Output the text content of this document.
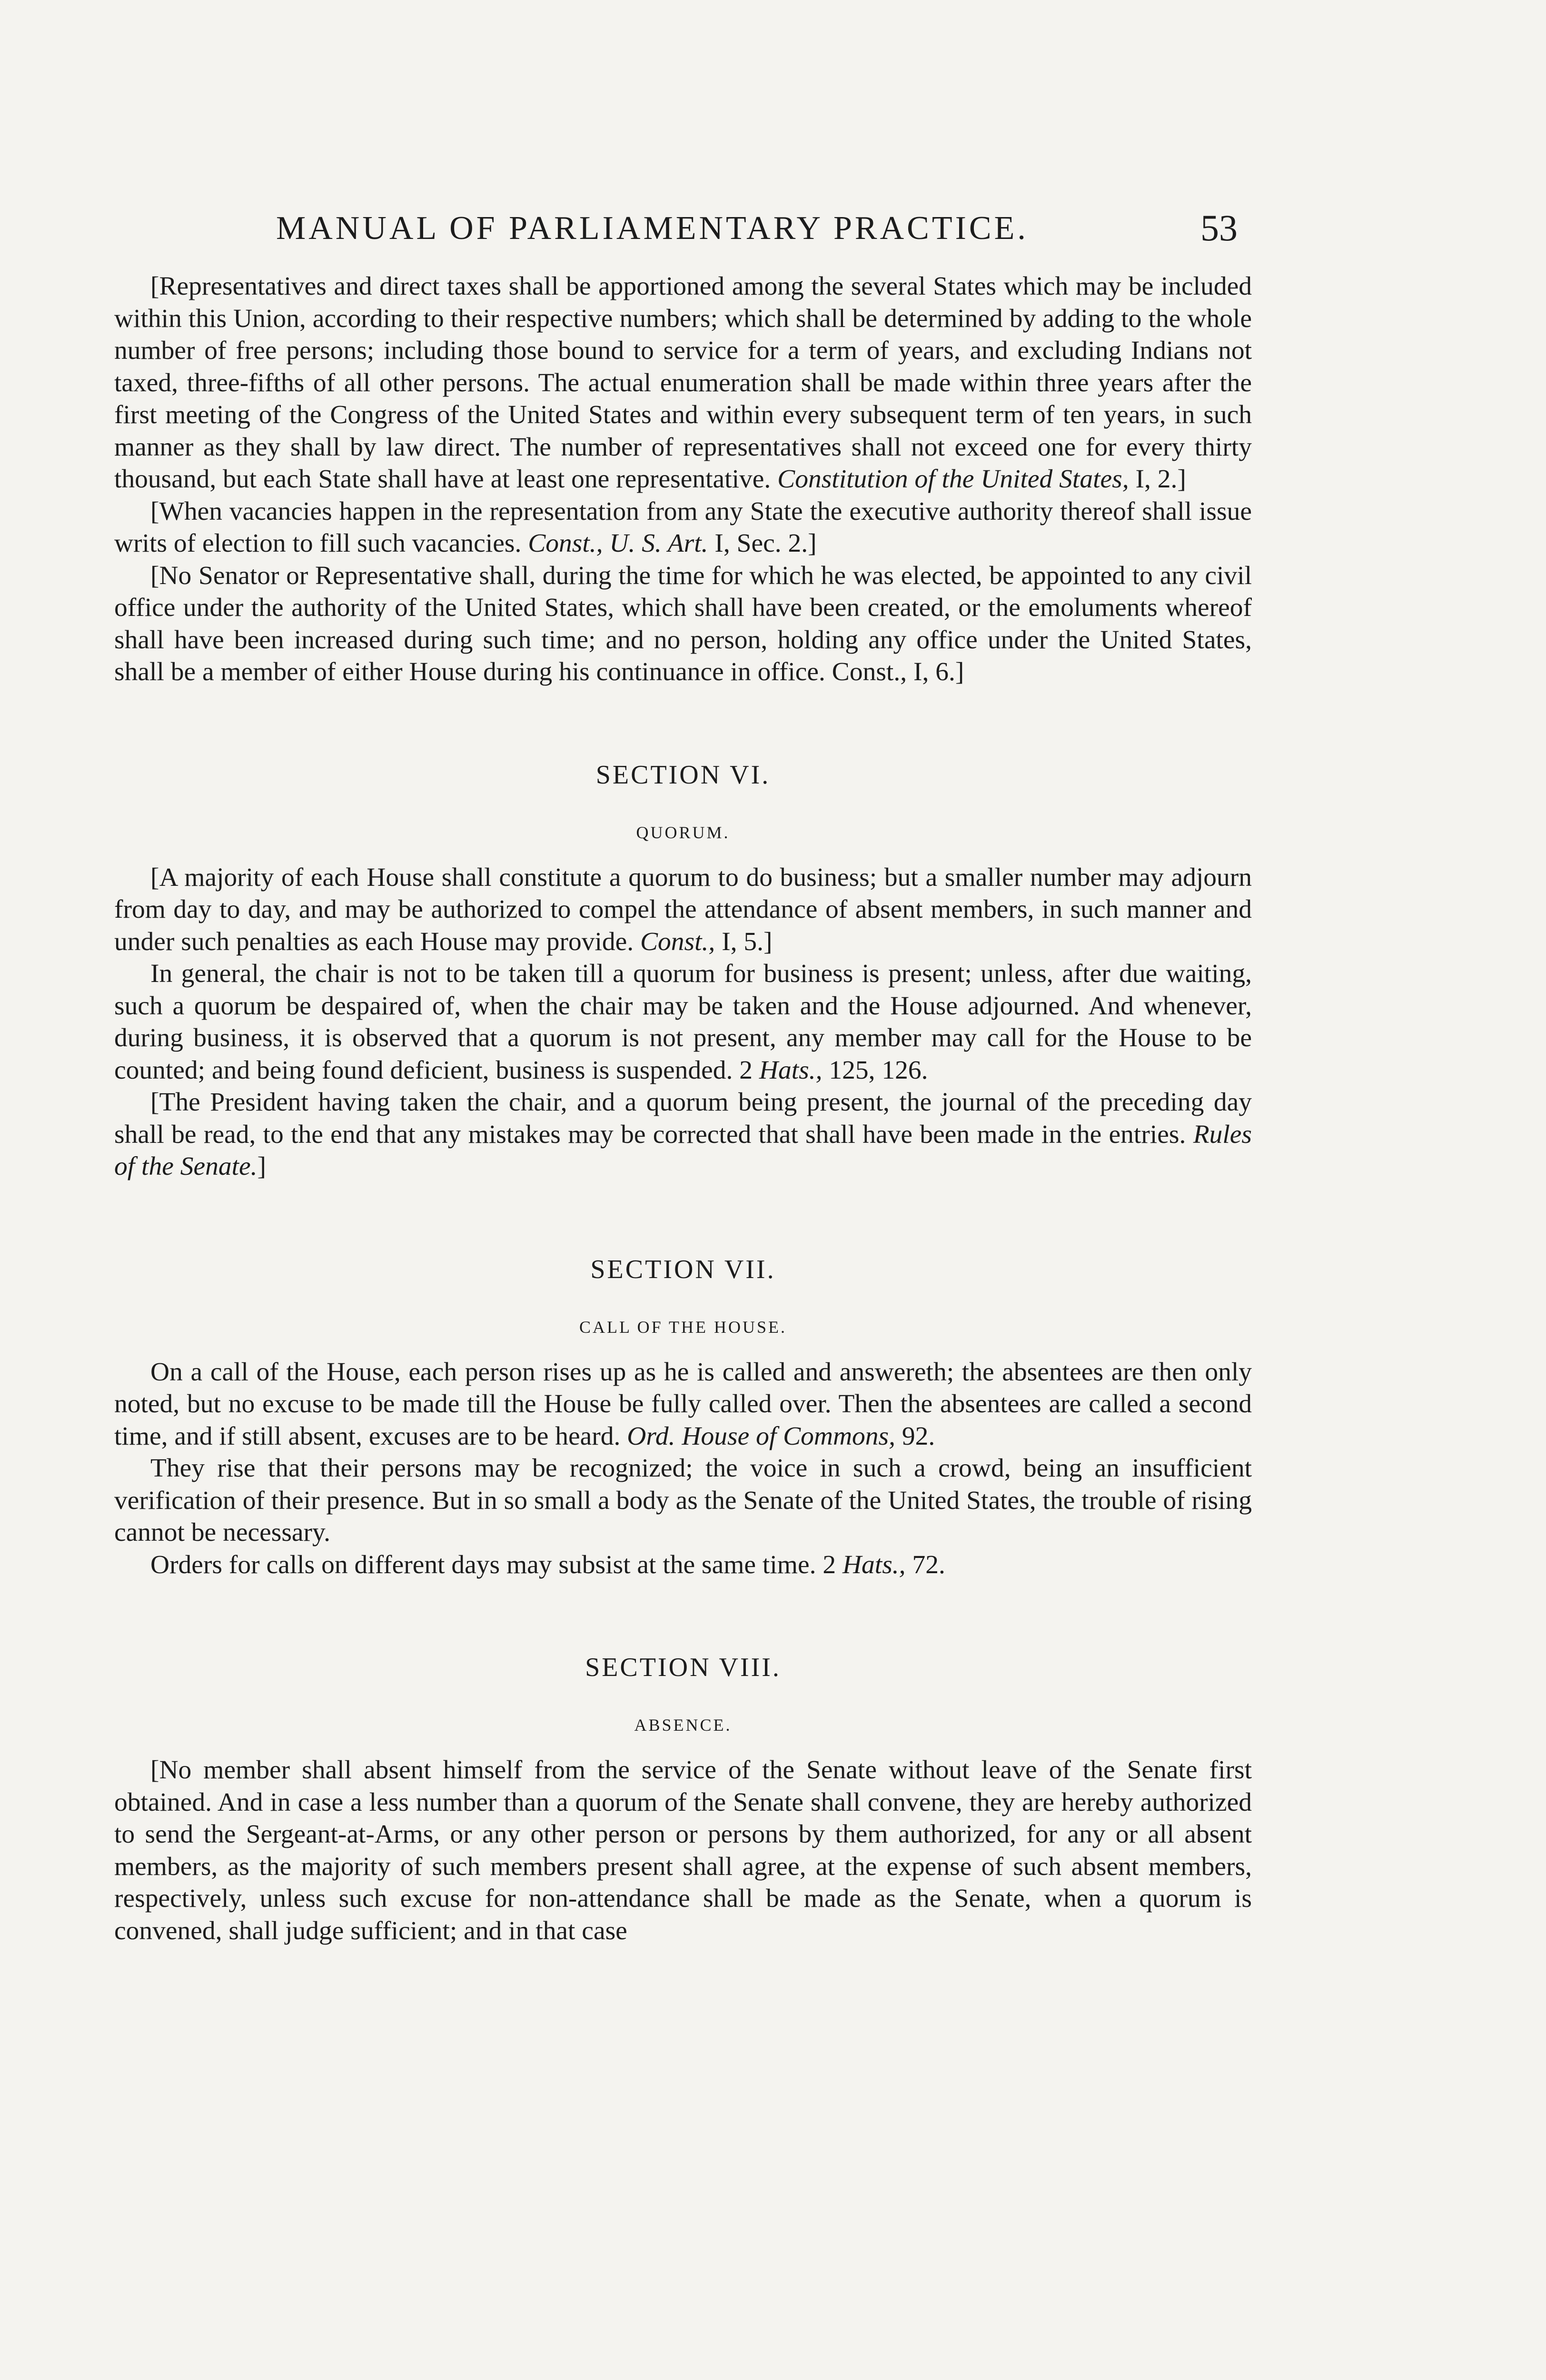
MANUAL OF PARLIAMENTARY PRACTICE.	53

[Representatives and direct taxes shall be apportioned among the several States which may be included within this Union, according to their respective numbers; which shall be determined by adding to the whole number of free persons; including those bound to service for a term of years, and excluding Indians not taxed, three-fifths of all other persons. The actual enumeration shall be made within three years after the first meeting of the Congress of the United States and within every subsequent term of ten years, in such manner as they shall by law direct. The number of representatives shall not exceed one for every thirty thousand, but each State shall have at least one representative. Constitution of the United States, I, 2.]

[When vacancies happen in the representation from any State the executive authority thereof shall issue writs of election to fill such vacancies. Const., U. S. Art. I, Sec. 2.]

[No Senator or Representative shall, during the time for which he was elected, be appointed to any civil office under the authority of the United States, which shall have been created, or the emoluments whereof shall have been increased during such time; and no person, holding any office under the United States, shall be a member of either House during his continuance in office. Const., I, 6.]

SECTION VI.
QUORUM.

[A majority of each House shall constitute a quorum to do business; but a smaller number may adjourn from day to day, and may be authorized to compel the attendance of absent members, in such manner and under such penalties as each House may provide. Const., I, 5.]

In general, the chair is not to be taken till a quorum for business is present; unless, after due waiting, such a quorum be despaired of, when the chair may be taken and the House adjourned. And whenever, during business, it is observed that a quorum is not present, any member may call for the House to be counted; and being found deficient, business is suspended. 2 Hats., 125, 126.

[The President having taken the chair, and a quorum being present, the journal of the preceding day shall be read, to the end that any mistakes may be corrected that shall have been made in the entries. Rules of the Senate.]

SECTION VII.
CALL OF THE HOUSE.

On a call of the House, each person rises up as he is called and answereth; the absentees are then only noted, but no excuse to be made till the House be fully called over. Then the absentees are called a second time, and if still absent, excuses are to be heard. Ord. House of Commons, 92.

They rise that their persons may be recognized; the voice in such a crowd, being an insufficient verification of their presence. But in so small a body as the Senate of the United States, the trouble of rising cannot be necessary.

Orders for calls on different days may subsist at the same time. 2 Hats., 72.

SECTION VIII.
ABSENCE.

[No member shall absent himself from the service of the Senate without leave of the Senate first obtained. And in case a less number than a quorum of the Senate shall convene, they are hereby authorized to send the Sergeant-at-Arms, or any other person or persons by them authorized, for any or all absent members, as the majority of such members present shall agree, at the expense of such absent members, respectively, unless such excuse for non-attendance shall be made as the Senate, when a quorum is convened, shall judge sufficient; and in that case
